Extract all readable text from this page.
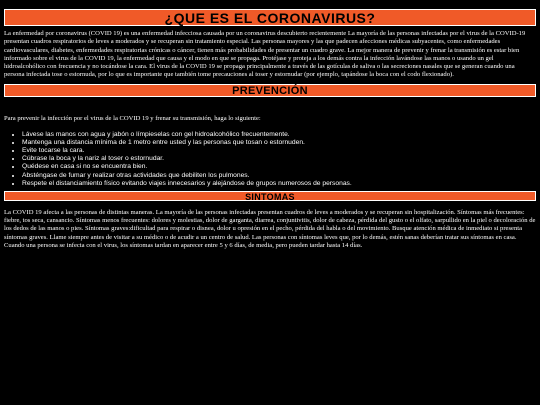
¿QUE ES EL CORONAVIRUS?

La enfermedad por coronavirus (COVID 19) es una enfermedad infecciosa causada por un coronavirus descubierto recientemente La mayoría de las personas infectadas por el virus de la COVID-19 presentan cuadros respiratorios de leves a moderados y se recuperan sin tratamiento especial. Las personas mayores y las que padecen afecciones médicas subyacentes, como enfermedades cardiovasculares, diabetes, enfermedades respiratorias crónicas o cáncer, tienen más probabilidades de presentar un cuadro grave. La mejor manera de prevenir y frenar la transmisión es estar bien informado sobre el virus de la COVID 19, la enfermedad que causa y el modo en que se propaga. Protéjase y proteja a los demás contra la infección lavándose las manos o usando un gel hidroalcohólico con frecuencia y no tocándose la cara. El virus de la COVID 19 se propaga principalmente a través de las gotículas de saliva o las secreciones nasales que se generan cuando una persona infectada tose o estornuda, por lo que es importante que también tome precauciones al toser y estornudar (por ejemplo, tapándose la boca con el codo flexionado).

PREVENCIÓN

Para prevenir la infección por el virus de la COVID 19 y frenar su transmisión, haga lo siguiente:

• Lávese las manos con agua y jabón o límpieselas con gel hidroalcohólico frecuentemente.
• Mantenga una distancia mínima de 1 metro entre usted y las personas que tosan o estornuden.
• Evite tocarse la cara.
• Cúbrase la boca y la nariz al toser o estornudar.
• Quédese en casa si no se encuentra bien.
• Absténgase de fumar y realizar otras actividades que debiliten los pulmones.
• Respete el distanciamiento físico evitando viajes innecesarios y alejándose de grupos numerosos de personas.
SINTOMAS

La COVID 19 afecta a las personas de distintas maneras. La mayoría de las personas infectadas presentan cuadros de leves a moderados y se recuperan sin hospitalización. Síntomas más frecuentes: fiebre, tos seca, cansancio. Síntomas menos frecuentes: dolores y molestias, dolor de garganta, diarrea, conjuntivitis, dolor de cabeza, pérdida del gusto o el olfato, sarpullido en la piel o decoloración de los dedos de las manos o pies. Síntomas graves:dificultad para respirar o disnea, dolor u opresión en el pecho, pérdida del habla o del movimiento. Busque atención médica de inmediato si presenta síntomas graves. Llame siempre antes de visitar a su médico o de acudir a un centro de salud. Las personas con síntomas leves que, por lo demás, estén sanas deberían tratar sus síntomas en casa. Cuando una persona se infecta con el virus, los síntomas tardan en aparecer entre 5 y 6 días, de media, pero pueden tardar hasta 14 días.
